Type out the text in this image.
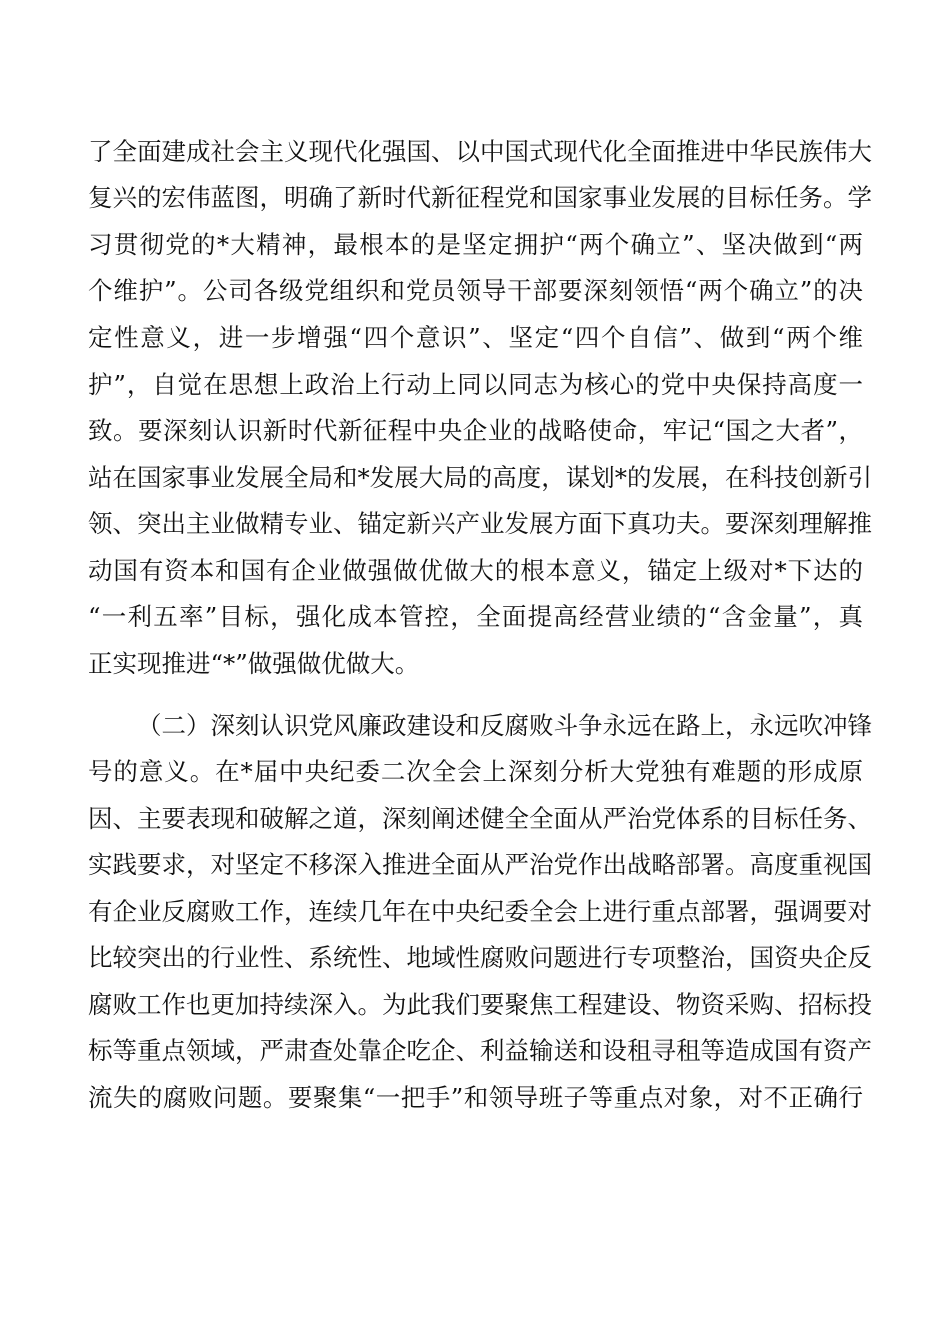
了全面建成社会主义现代化强国、以中国式现代化全面推进中华民族伟大
复兴的宏伟蓝图，明确了新时代新征程党和国家事业发展的目标任务。学
习贯彻党的*大精神，最根本的是坚定拥护“两个确立”、坚决做到“两
个维护”。公司各级党组织和党员领导干部要深刻领悟“两个确立”的决
定性意义，进一步增强“四个意识”、坚定“四个自信”、做到“两个维
护”，自觉在思想上政治上行动上同以同志为核心的党中央保持高度一
致。要深刻认识新时代新征程中央企业的战略使命，牢记“国之大者”，
站在国家事业发展全局和*发展大局的高度，谋划*的发展，在科技创新引
领、突出主业做精专业、锚定新兴产业发展方面下真功夫。要深刻理解推
动国有资本和国有企业做强做优做大的根本意义，锚定上级对*下达的
“一利五率”目标，强化成本管控，全面提高经营业绩的“含金量”，真
正实现推进“*”做强做优做大。
（二）深刻认识党风廉政建设和反腐败斗争永远在路上，永远吹冲锋
号的意义。在*届中央纪委二次全会上深刻分析大党独有难题的形成原
因、主要表现和破解之道，深刻阐述健全全面从严治党体系的目标任务、
实践要求，对坚定不移深入推进全面从严治党作出战略部署。高度重视国
有企业反腐败工作，连续几年在中央纪委全会上进行重点部署，强调要对
比较突出的行业性、系统性、地域性腐败问题进行专项整治，国资央企反
腐败工作也更加持续深入。为此我们要聚焦工程建设、物资采购、招标投
标等重点领域，严肃查处靠企吃企、利益输送和设租寻租等造成国有资产
流失的腐败问题。要聚集“一把手”和领导班子等重点对象，对不正确行
